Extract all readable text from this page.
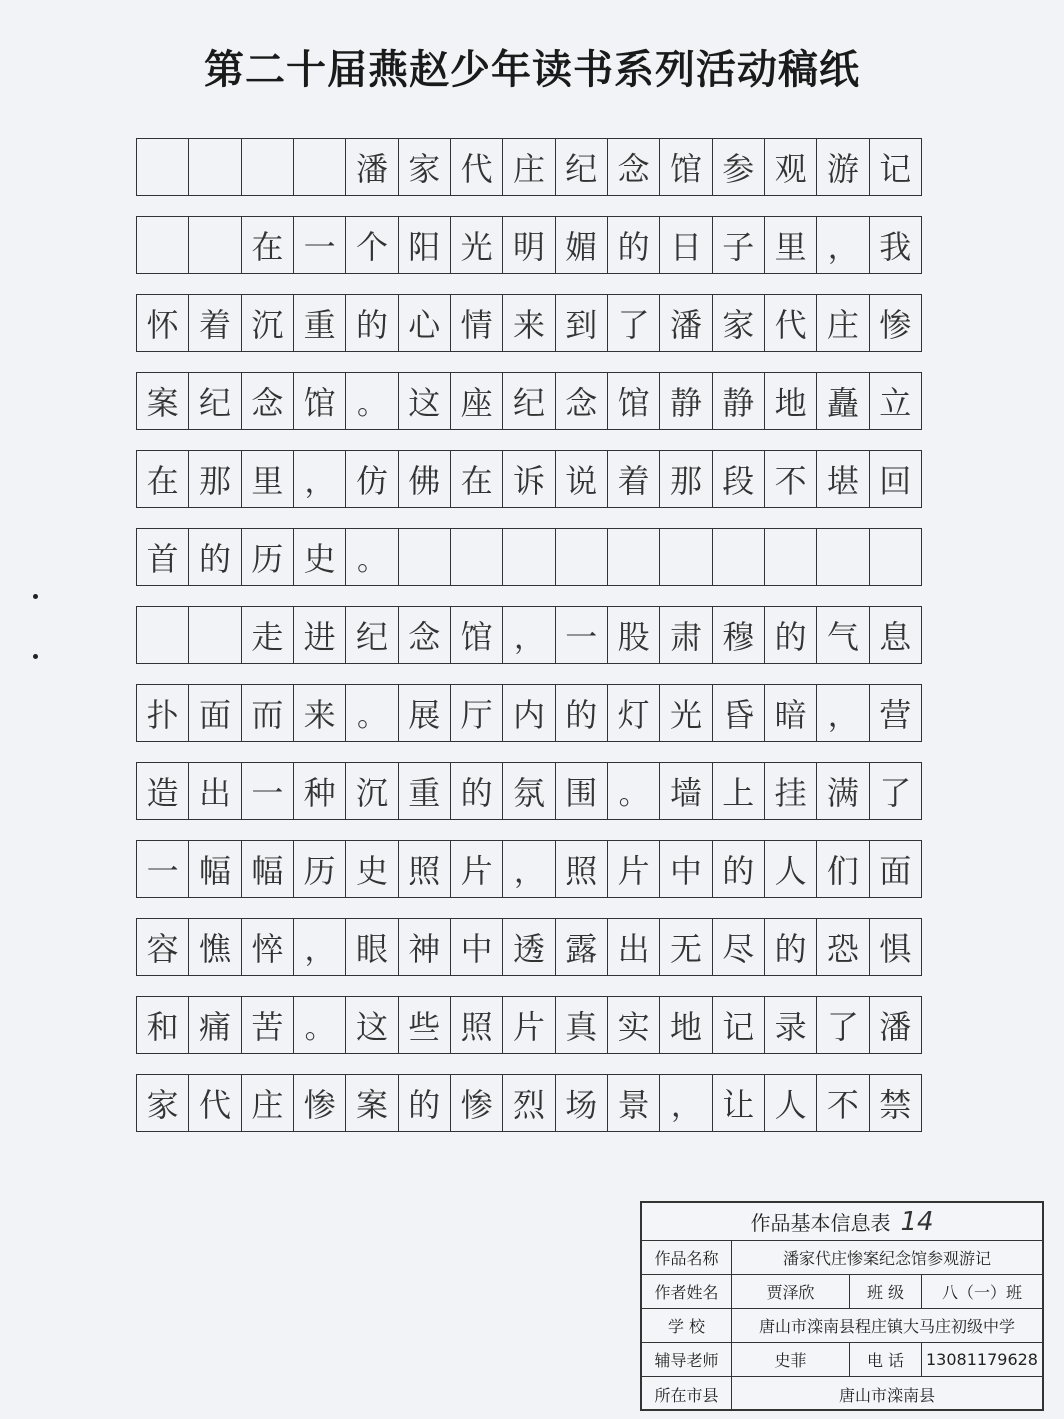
第二十届燕赵少年读书系列活动稿纸
潘 家 代 庄 纪 念 馆 参 观 游 记
在 一 个 阳 光 明 媚 的 日 子 里 ， 我
怀 着 沉 重 的 心 情 来 到 了 潘 家 代 庄 惨
案 纪 念 馆 。 这 座 纪 念 馆 静 静 地 矗 立
在 那 里 ， 仿 佛 在 诉 说 着 那 段 不 堪 回
首 的 历 史 。
走 进 纪 念 馆 ， 一 股 肃 穆 的 气 息
扑 面 而 来 。 展 厅 内 的 灯 光 昏 暗 ， 营
造 出 一 种 沉 重 的 氛 围 。 墙 上 挂 满 了
一 幅 幅 历 史 照 片 ， 照 片 中 的 人 们 面
容 憔 悴 ， 眼 神 中 透 露 出 无 尽 的 恐 惧
和 痛 苦 。 这 些 照 片 真 实 地 记 录 了 潘
家 代 庄 惨 案 的 惨 烈 场 景 ， 让 人 不 禁
作品基本信息表 14
作品名称	潘家代庄惨案纪念馆参观游记
作者姓名	贾泽欣	班 级	八（一）班
学 校	唐山市滦南县程庄镇大马庄初级中学
辅导老师	史菲	电 话	13081179628
所在市县	唐山市滦南县
